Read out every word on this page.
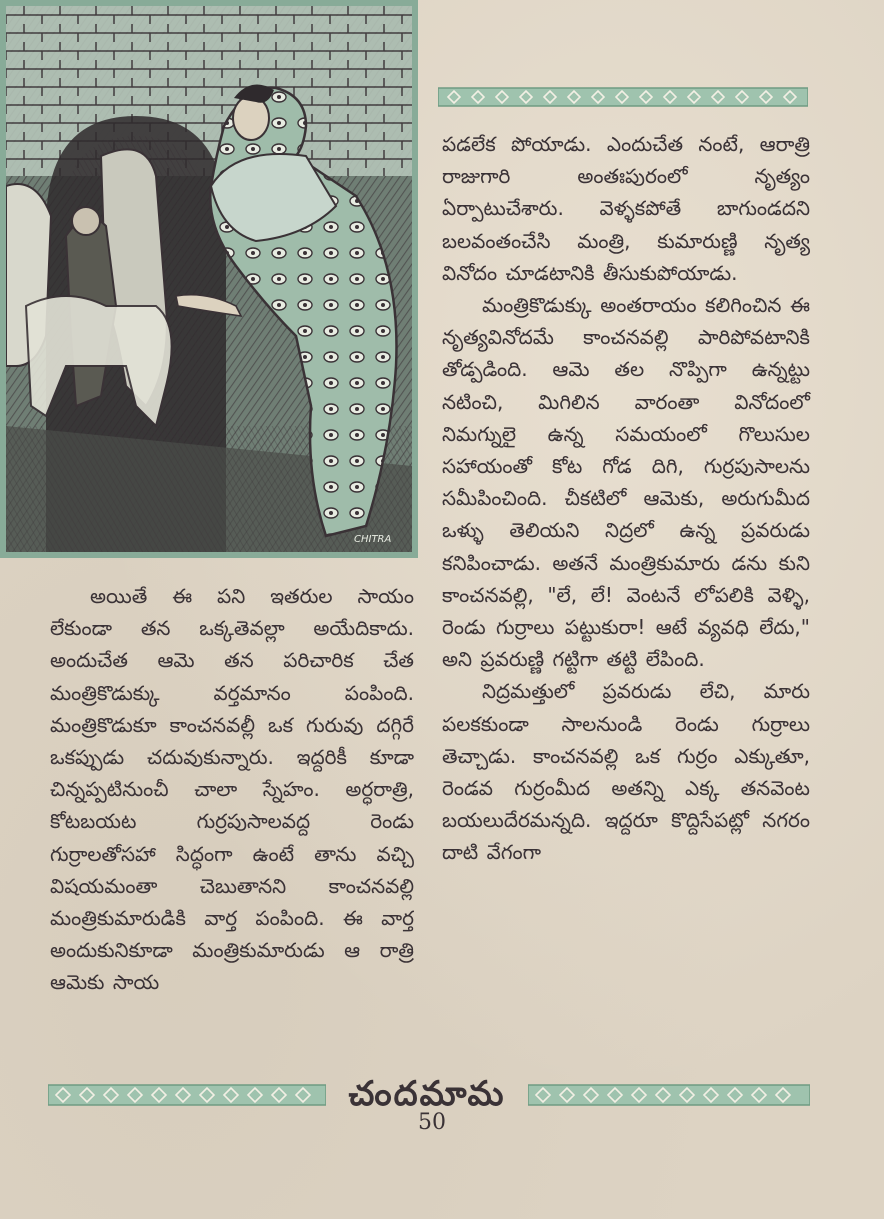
CHITRA

అయితే ఈ పని ఇతరుల సాయం లేకుండా తన ఒక్కతెవల్లా అయేదికాదు. అందుచేత ఆమె తన పరిచారిక చేత మంత్రికొడుక్కు వర్తమానం పంపింది. మంత్రికొడుకూ కాంచనవల్లీ ఒక గురువు దగ్గిరే ఒకప్పుడు చదువుకున్నారు. ఇద్దరికీ కూడా చిన్నప్పటినుంచీ చాలా స్నేహం. అర్ధరాత్రి, కోటబయట గుర్రపుసాలవద్ద రెండు గుర్రాలతోసహా సిద్ధంగా ఉంటే తాను వచ్చి విషయమంతా చెబుతానని కాంచనవల్లి మంత్రికుమారుడికి వార్త పంపింది. ఈ వార్త అందుకునికూడా మంత్రికుమారుడు ఆ రాత్రి ఆమెకు సాయ

పడలేక పోయాడు. ఎందుచేత నంటే, ఆరాత్రి రాజుగారి అంతఃపురంలో నృత్యం ఏర్పాటుచేశారు. వెళ్ళకపోతే బాగుండదని బలవంతంచేసి మంత్రి, కుమారుణ్ణి నృత్య వినోదం చూడటానికి తీసుకుపోయాడు.

మంత్రికొడుక్కు అంతరాయం కలిగించిన ఈ నృత్యవినోదమే కాంచనవల్లి పారిపోవటానికి తోడ్పడింది. ఆమె తల నొప్పిగా ఉన్నట్టు నటించి, మిగిలిన వారంతా వినోదంలో నిమగ్నులై ఉన్న సమయంలో గొలుసుల సహాయంతో కోట గోడ దిగి, గుర్రపుసాలను సమీపించింది. చీకటిలో ఆమెకు, అరుగుమీద ఒళ్ళు తెలియని నిద్రలో ఉన్న ప్రవరుడు కనిపించాడు. అతనే మంత్రికుమారు డను కుని కాంచనవల్లి, "లే, లే! వెంటనే లోపలికి వెళ్ళి, రెండు గుర్రాలు పట్టుకురా! ఆటే వ్యవధి లేదు," అని ప్రవరుణ్ణి గట్టిగా తట్టి లేపింది.

నిద్రమత్తులో ప్రవరుడు లేచి, మారు పలకకుండా సాలనుండి రెండు గుర్రాలు తెచ్చాడు. కాంచనవల్లి ఒక గుర్రం ఎక్కుతూ, రెండవ గుర్రంమీద అతన్ని ఎక్క తనవెంట బయలుదేరమన్నది. ఇద్దరూ కొద్దిసేపట్లో నగరం దాటి వేగంగా

చందమామ
50
